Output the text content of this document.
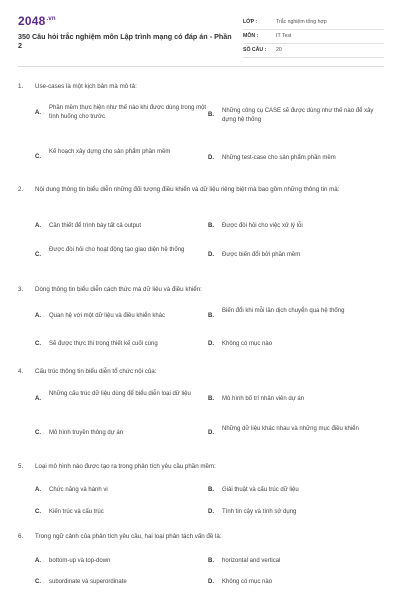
$2048^{.vn}$
350 Câu hỏi trắc nghiệm môn Lập trình mạng có đáp án - Phần 2
LỚP :	Trắc nghiệm tổng hợp
MÔN :	IT Test
SỐ CÂU : 20
1. Use-cases là một kịch bản mà mô tả:
A.
Phần mềm thực hiện như thế nào khi được dùng trong một tình huống cho trước	B.
Những công cụ CASE sẽ được dùng như thế nào để xây dựng hệ thống
C.
Kế hoạch xây dựng cho sản phẩm phần mềm
D. Những test-case cho sản phẩm phần mềm
2. Nội dung thông tin biểu diễn những đối tượng điều khiển và dữ liệu riêng biệt mà bao gồm những thông tin mà:
A. Cần thiết để trình bày tất cả output	B. Được đòi hỏi cho việc xử lý lỗi
C.
Được đòi hỏi cho hoạt động tạo giao diện hệ thống
D. Được biến đổi bởi phần mềm
3. Dòng thông tin biểu diễn cách thức mà dữ liệu và điều khiển:
A. Quan hệ với một dữ liệu và điều khiển khác	B.
Biến đổi khi mỗi lần dịch chuyển qua hệ thống
C. Sẽ được thực thi trong thiết kế cuối cùng	D. Không có mục nào
4. Cấu trúc thông tin biểu diễn tổ chức nội của:
A.
Những cấu trúc dữ liệu dùng để biểu diễn loại dữ liệu
B. Mô hình bố trí nhân viên dự án
C. Mô hình truyền thông dự án	D.
Những dữ liệu khác nhau và những mục điều khiển
5. Loại mô hình nào được tạo ra trong phân tích yêu cầu phần mềm:
A. Chức năng và hành vi	B. Giải thuật và cấu trúc dữ liệu
C. Kiến trúc và cấu trúc	D. Tính tin cậy và tính sử dụng
6. Trong ngữ cảnh của phân tích yêu cầu, hai loại phân tách vấn đề là:
A. bottom-up và top-down	B. horizontal and vertical
C. subordinate và superordinate	D. Không có mục nào
